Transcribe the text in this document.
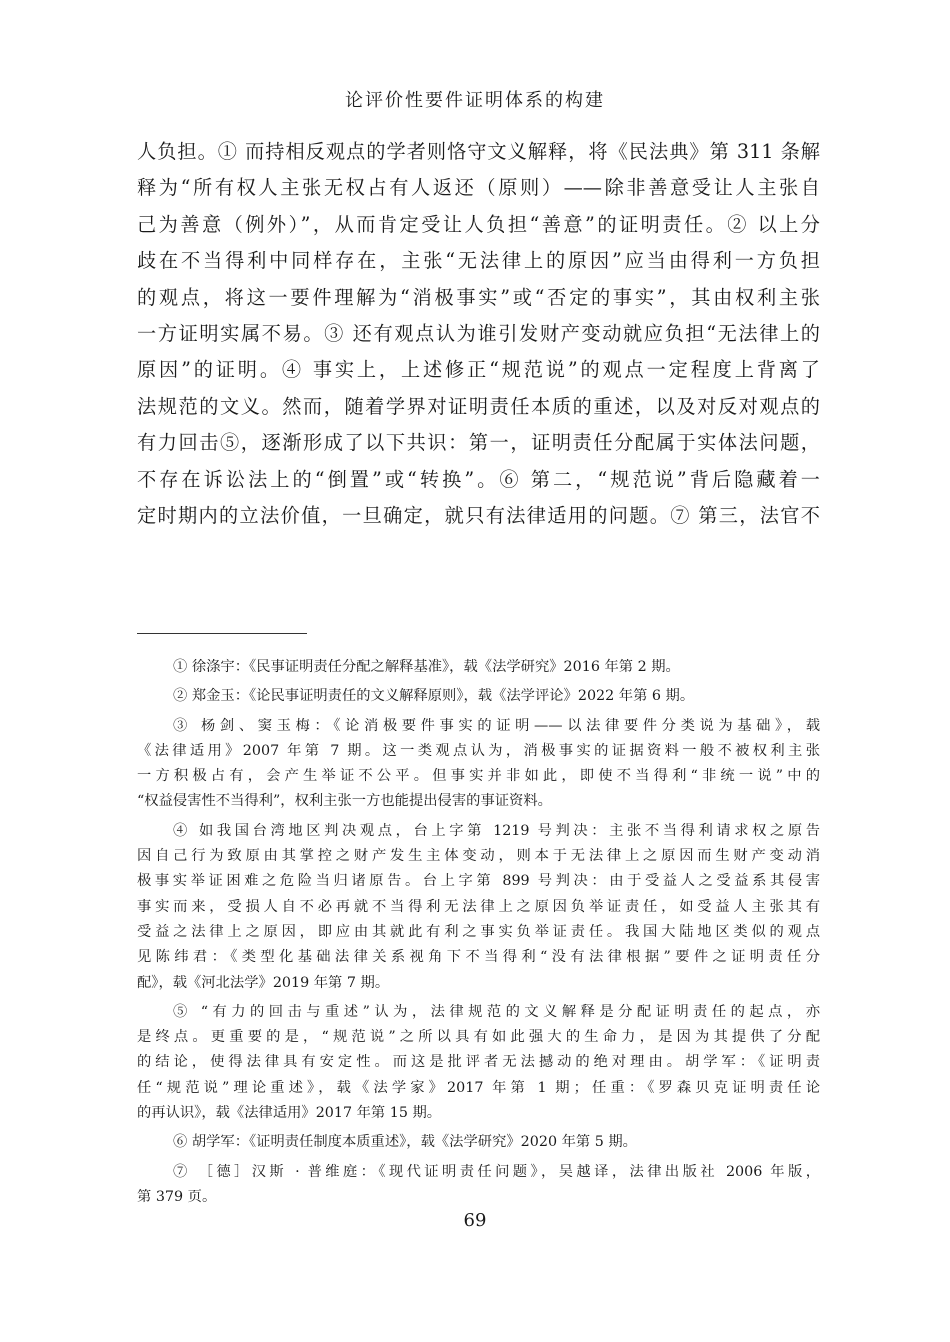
论评价性要件证明体系的构建
人负担。① 而持相反观点的学者则恪守文义解释，将《民法典》第 311 条解
释为“所有权人主张无权占有人返还（原则）——除非善意受让人主张自
己为善意（例外）”，从而肯定受让人负担“善意”的证明责任。② 以上分
歧在不当得利中同样存在，主张“无法律上的原因”应当由得利一方负担
的观点，将这一要件理解为“消极事实”或“否定的事实”，其由权利主张
一方证明实属不易。③ 还有观点认为谁引发财产变动就应负担“无法律上的
原因”的证明。④ 事实上，上述修正“规范说”的观点一定程度上背离了
法规范的文义。然而，随着学界对证明责任本质的重述，以及对反对观点的
有力回击⑤，逐渐形成了以下共识：第一，证明责任分配属于实体法问题，
不存在诉讼法上的“倒置”或“转换”。⑥ 第二，“规范说”背后隐藏着一
定时期内的立法价值，一旦确定，就只有法律适用的问题。⑦ 第三，法官不
① 徐涤宇：《民事证明责任分配之解释基准》，载《法学研究》2016 年第 2 期。
② 郑金玉：《论民事证明责任的文义解释原则》，载《法学评论》2022 年第 6 期。
③ 杨剑、窦玉梅：《论消极要件事实的证明——以法律要件分类说为基础》，载
《法律适用》2007 年第 7 期。这一类观点认为，消极事实的证据资料一般不被权利主张
一方积极占有，会产生举证不公平。但事实并非如此，即使不当得利“非统一说”中的
“权益侵害性不当得利”，权利主张一方也能提出侵害的事证资料。
④ 如我国台湾地区判决观点，台上字第 1219 号判决：主张不当得利请求权之原告
因自己行为致原由其掌控之财产发生主体变动，则本于无法律上之原因而生财产变动消
极事实举证困难之危险当归诸原告。台上字第 899 号判决：由于受益人之受益系其侵害
事实而来，受损人自不必再就不当得利无法律上之原因负举证责任，如受益人主张其有
受益之法律上之原因，即应由其就此有利之事实负举证责任。我国大陆地区类似的观点
见陈纬君：《类型化基础法律关系视角下不当得利“没有法律根据”要件之证明责任分
配》，载《河北法学》2019 年第 7 期。
⑤ “有力的回击与重述”认为，法律规范的文义解释是分配证明责任的起点，亦
是终点。更重要的是，“规范说”之所以具有如此强大的生命力，是因为其提供了分配
的结论，使得法律具有安定性。而这是批评者无法撼动的绝对理由。胡学军：《证明责
任“规范说”理论重述》，载《法学家》2017 年第 1 期；任重：《罗森贝克证明责任论
的再认识》，载《法律适用》2017 年第 15 期。
⑥ 胡学军：《证明责任制度本质重述》，载《法学研究》2020 年第 5 期。
⑦ ［德］汉斯 · 普维庭：《现代证明责任问题》，吴越译，法律出版社 2006 年版，
第 379 页。
69
